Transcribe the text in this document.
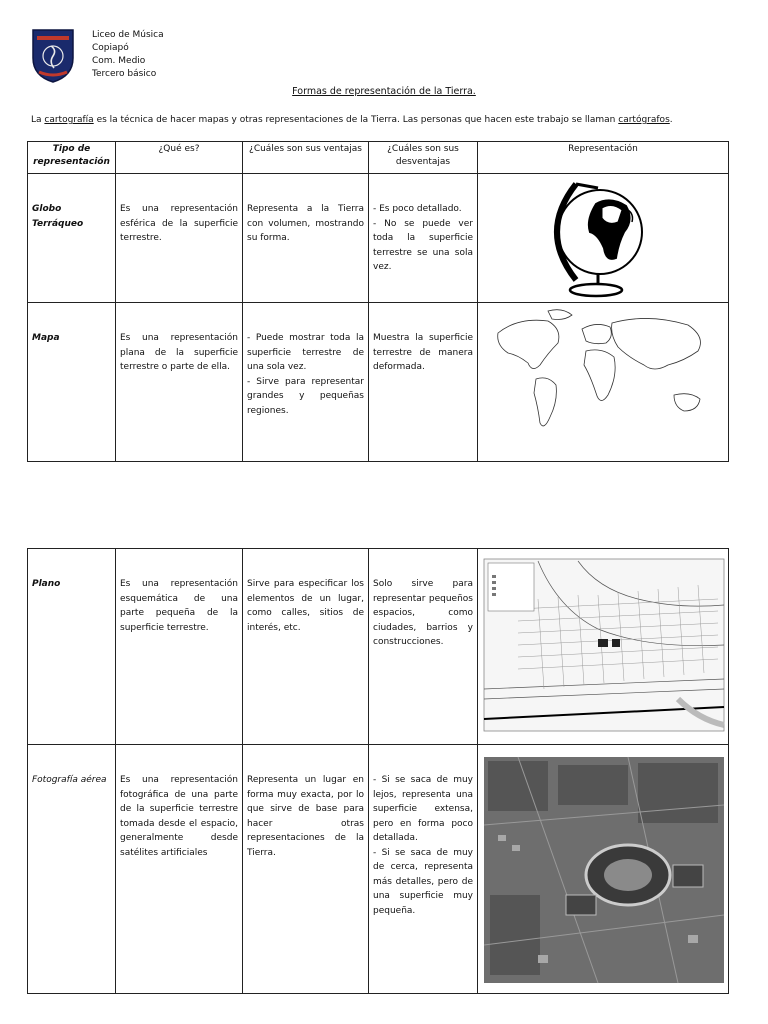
Liceo de Música
Copiapó
Com. Medio
Tercero básico
Formas de representación de la Tierra.
La cartografía es la técnica de hacer mapas y otras representaciones de la Tierra. Las personas que hacen este trabajo se llaman cartógrafos.
Tipo de representación	¿Qué es?	¿Cuáles son sus ventajas	¿Cuáles son sus desventajas	Representación
Globo Terráqueo	Es una representación esférica de la superficie terrestre.	Representa a la Tierra con volumen, mostrando su forma.	- Es poco detallado.
- No se puede ver toda la superficie terrestre se una sola vez.

Mapa	Es una representación plana de la superficie terrestre o parte de ella.	- Puede mostrar toda la superficie terrestre de una sola vez.
- Sirve para representar grandes y pequeñas regiones.	Muestra la superficie terrestre de manera deformada.	
Plano	Es una representación esquemática de una parte pequeña de la superficie terrestre.	Sirve para especificar los elementos de un lugar, como calles, sitios de interés, etc.	Solo sirve para representar pequeños espacios, como ciudades, barrios y construcciones.	

Fotografía aérea	Es una representación fotográfica de una parte de la superficie terrestre tomada desde el espacio, generalmente desde satélites artificiales	Representa un lugar en forma muy exacta, por lo que sirve de base para hacer otras representaciones de la Tierra.	- Si se saca de muy lejos, representa una superficie extensa, pero en forma poco detallada.
- Si se saca de muy de cerca, representa más detalles, pero de una superficie muy pequeña.
